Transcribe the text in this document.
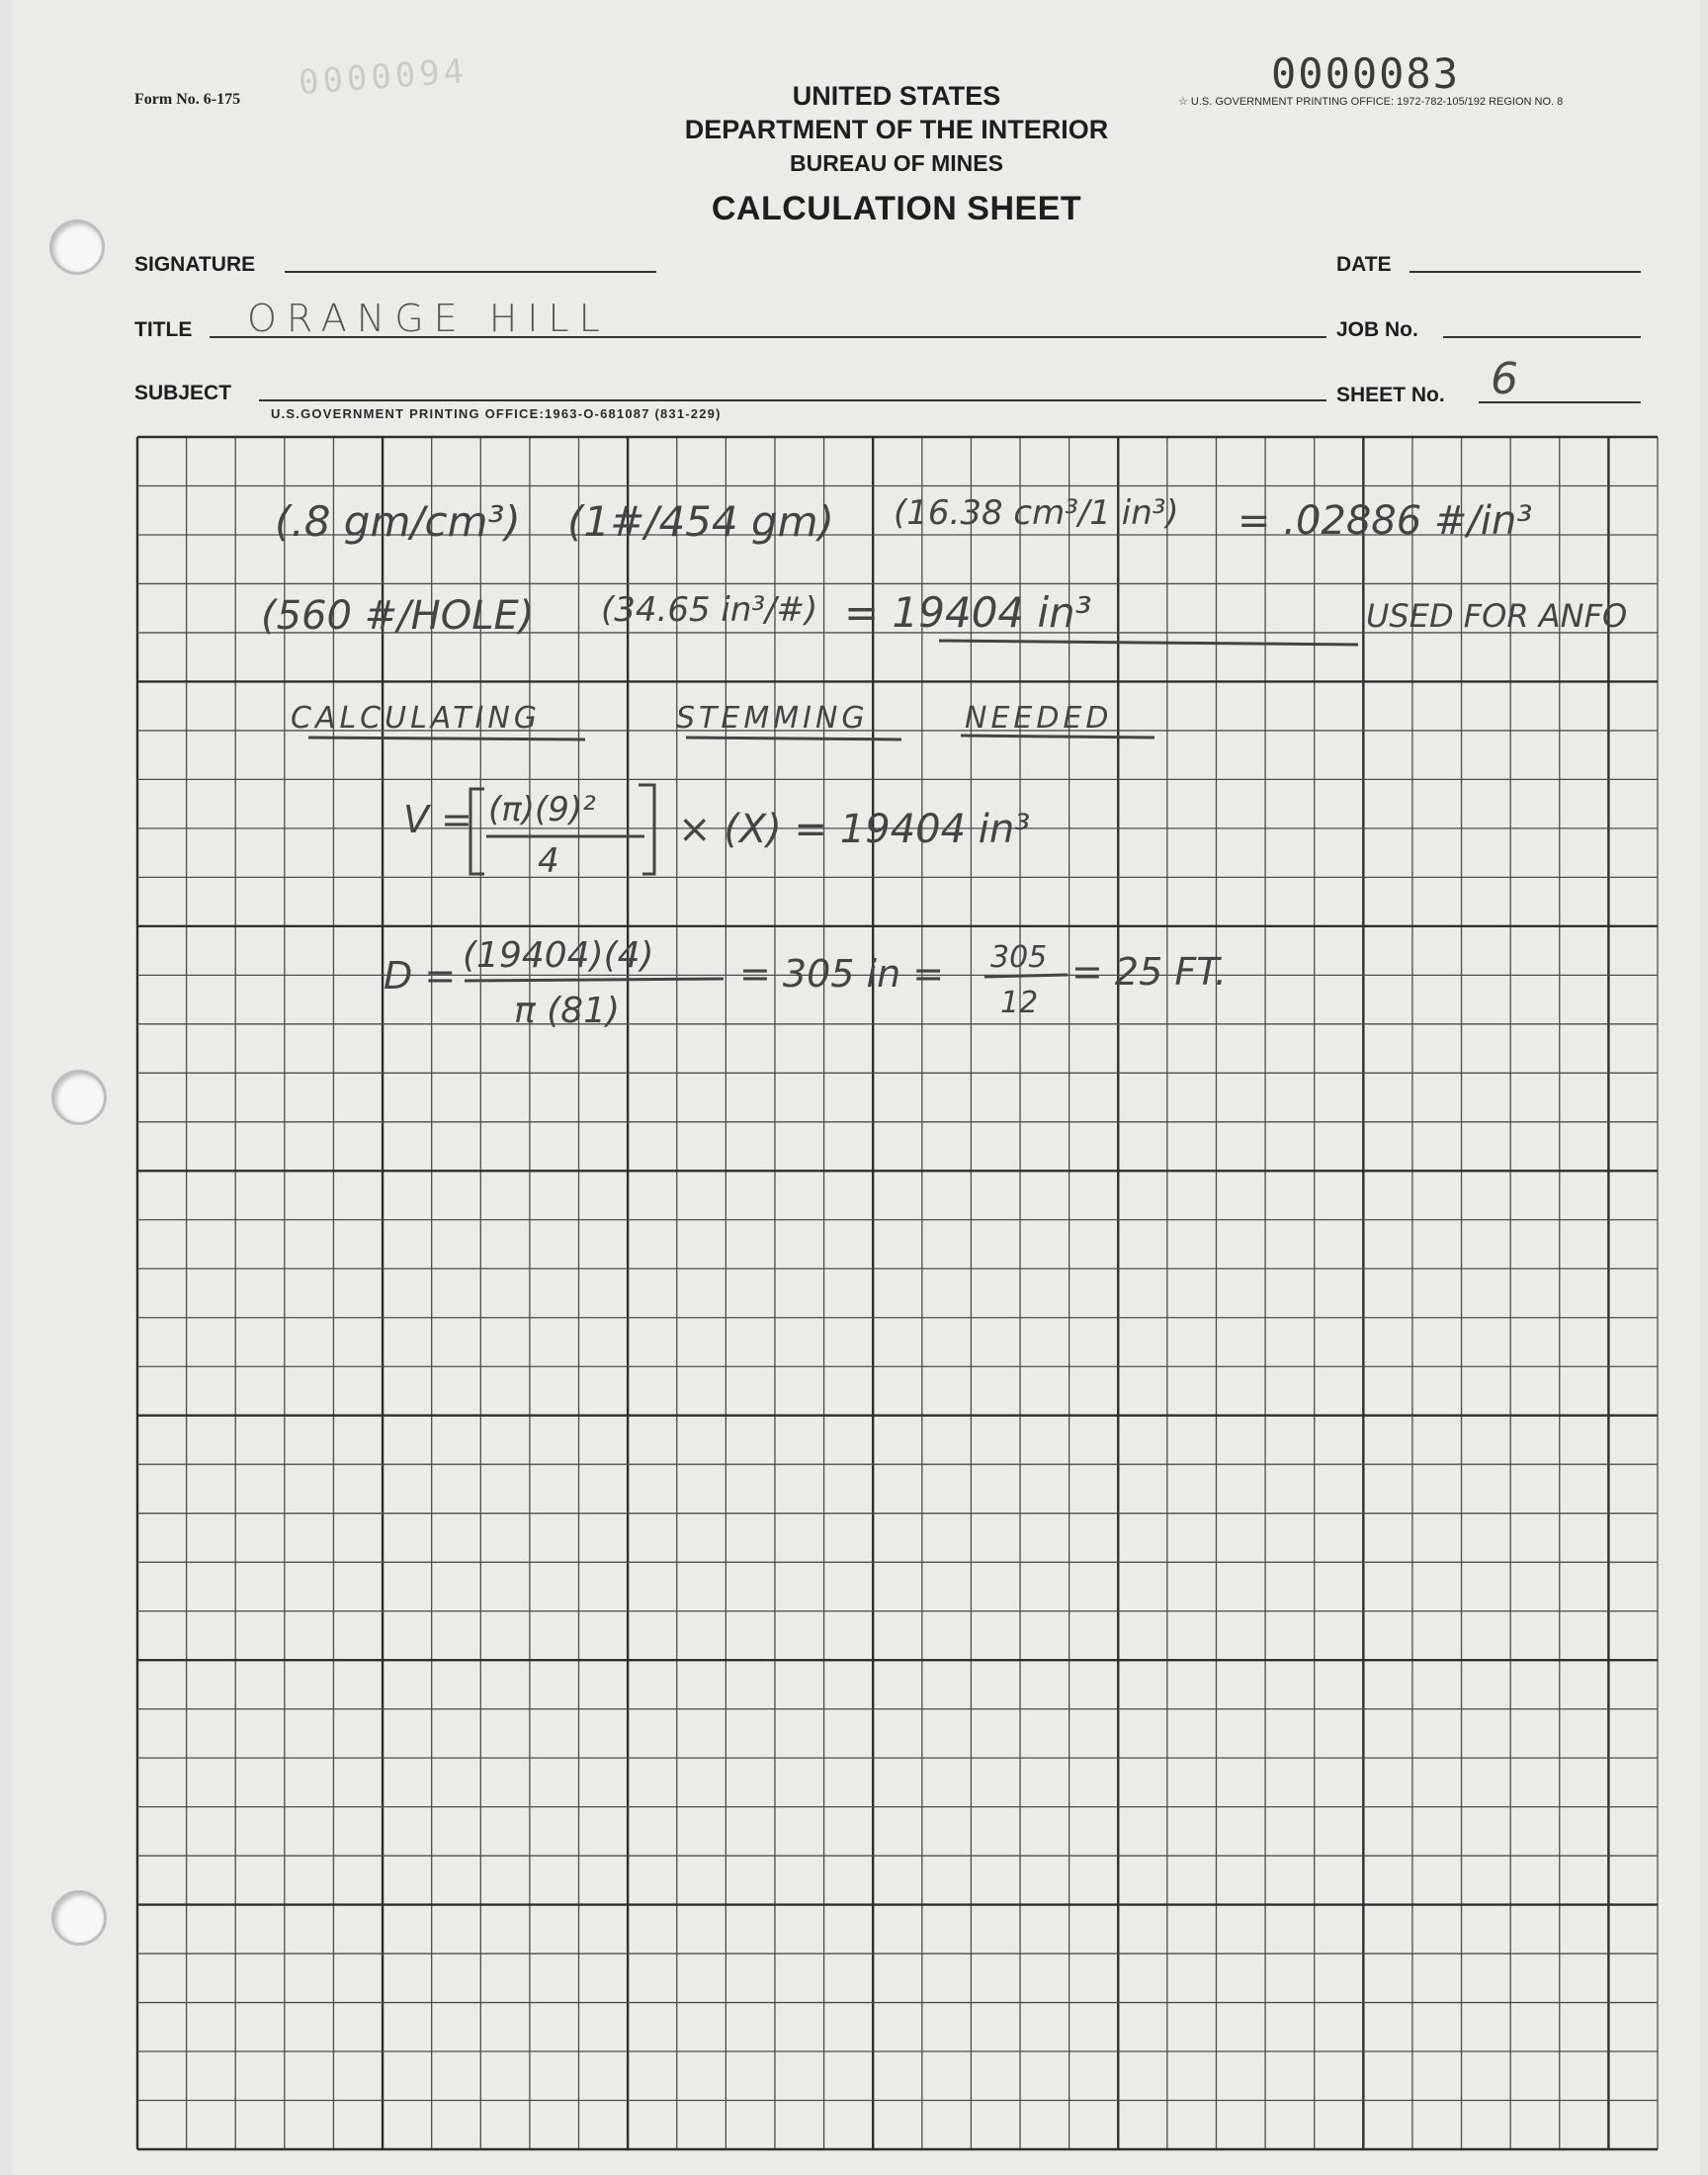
Form No. 6-175 0000094	0000083
☆ U.S. GOVERNMENT PRINTING OFFICE: 1972-782-105/192 REGION NO. 8
UNITED STATES
DEPARTMENT OF THE INTERIOR
BUREAU OF MINES
CALCULATION SHEET
SIGNATURE	DATE
TITLE ORANGE HILL	JOB No.
SUBJECT	SHEET No. 6
U.S.GOVERNMENT PRINTING OFFICE:1963-O-681087 (831-229)
(.8 gm/cm³) (1#/454 gm) (16.38 cm³/1 in³) = .02886 #/in³
(560 #/HOLE) (34.65 in³/#) = 19404 in³	USED FOR ANFO
CALCULATING	STEMMING	NEEDED
V = (π)(9)²
4
× (X) = 19404 in³
D = (19404)(4)
π (81)
= 305 in = 305
12
= 25 FT.
